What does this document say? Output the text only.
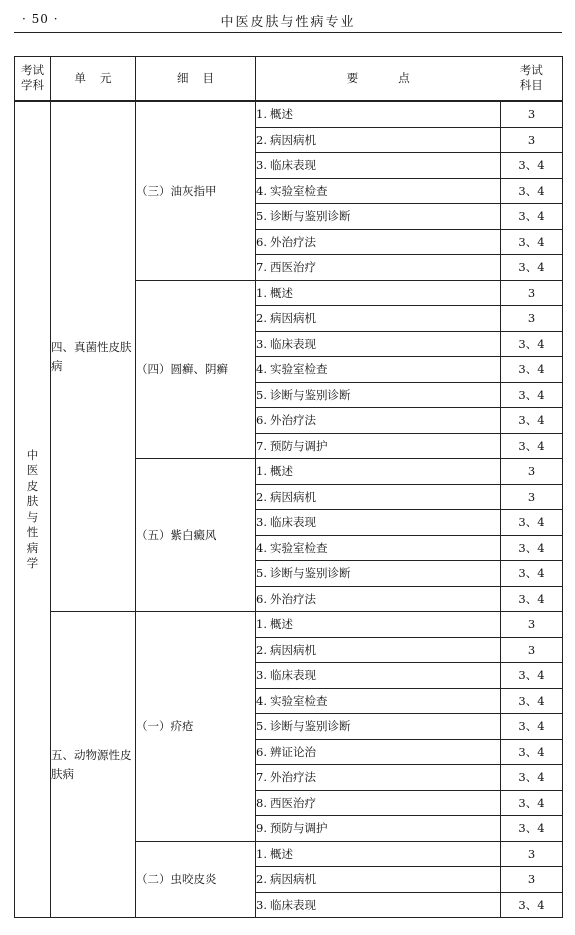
· 50 ·	中医皮肤与性病专业
考试学科	单元	细目	要点	考试科目
中医皮肤与性病学	四、真菌性皮肤病	（三）油灰指甲	1. 概述	3
			2. 病因病机	3
			3. 临床表现	3、4
			4. 实验室检查	3、4
			5. 诊断与鉴别诊断	3、4
			6. 外治疗法	3、4
			7. 西医治疗	3、4
		（四）圆癣、阴癣	1. 概述	3
			2. 病因病机	3
			3. 临床表现	3、4
			4. 实验室检查	3、4
			5. 诊断与鉴别诊断	3、4
			6. 外治疗法	3、4
			7. 预防与调护	3、4
		（五）紫白癜风	1. 概述	3
			2. 病因病机	3
			3. 临床表现	3、4
			4. 实验室检查	3、4
			5. 诊断与鉴别诊断	3、4
			6. 外治疗法	3、4
	五、动物源性皮肤病	（一）疥疮	1. 概述	3
			2. 病因病机	3
			3. 临床表现	3、4
			4. 实验室检查	3、4
			5. 诊断与鉴别诊断	3、4
			6. 辨证论治	3、4
			7. 外治疗法	3、4
			8. 西医治疗	3、4
			9. 预防与调护	3、4
		（二）虫咬皮炎	1. 概述	3
			2. 病因病机	3
			3. 临床表现	3、4
